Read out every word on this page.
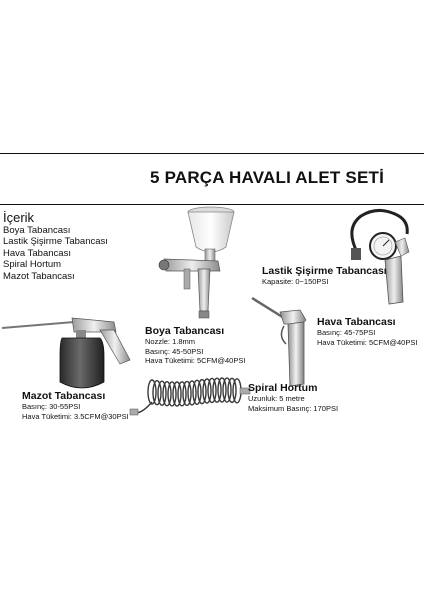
5 PARÇA HAVALI ALET SETİ
İçerik
Boya Tabancası
Lastik Şişirme Tabancası
Hava Tabancası
Spiral Hortum
Mazot Tabancası
Boya Tabancası
Nozzle: 1.8mm
Basınç: 45-50PSI
Hava Tüketimi: 5CFM@40PSI
Lastik Şişirme Tabancası
Kapasite: 0~150PSI
Hava Tabancası
Basınç: 45-75PSI
Hava Tüketimi: 5CFM@40PSI
Spiral Hortum
Uzunluk: 5 metre
Maksimum Basınç: 170PSI
Mazot Tabancası
Basınç: 30-55PSI
Hava Tüketimi: 3.5CFM@30PSI
